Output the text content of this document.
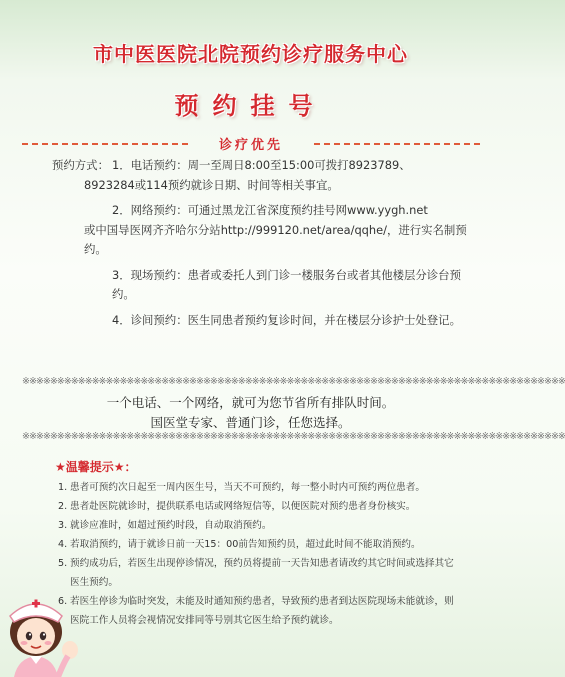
市中医医院北院预约诊疗服务中心
预约挂号
诊疗优先
预约方式： 1．电话预约：周一至周日8:00至15:00可拨打8923789、
8923284或114预约就诊日期、时间等相关事宜。
2．网络预约：可通过黑龙江省深度预约挂号网www.yygh.net
或中国导医网齐齐哈尔分站http://999120.net/area/qqhe/，进行实名制预约。
3．现场预约：患者或委托人到门诊一楼服务台或者其他楼层分诊台预约。
4．诊间预约：医生同患者预约复诊时间，并在楼层分诊护士处登记。
※※※※※※※※※※※※※※※※※※※※※※※※※※※※※※※※※※※※※※※※※※※※※※※※※※※※※※※※※※※※※※※※※※※※※※※※※※※※※※
一个电话、一个网络，就可为您节省所有排队时间。
国医堂专家、普通门诊，任您选择。
※※※※※※※※※※※※※※※※※※※※※※※※※※※※※※※※※※※※※※※※※※※※※※※※※※※※※※※※※※※※※※※※※※※※※※※※※※※※※※
★温馨提示★：
1. 患者可预约次日起至一周内医生号，当天不可预约，每一整小时内可预约两位患者。
2. 患者赴医院就诊时，提供联系电话或网络短信等，以便医院对预约患者身份核实。
3. 就诊应准时，如超过预约时段，自动取消预约。
4. 若取消预约，请于就诊日前一天15：00前告知预约员，超过此时间不能取消预约。
5. 预约成功后，若医生出现停诊情况，预约员将提前一天告知患者请改约其它时间或选择其它医生预约。
6. 若医生停诊为临时突发，未能及时通知预约患者，导致预约患者到达医院现场未能就诊，则医院工作人员将会视情况安排同等号别其它医生给予预约就诊。
